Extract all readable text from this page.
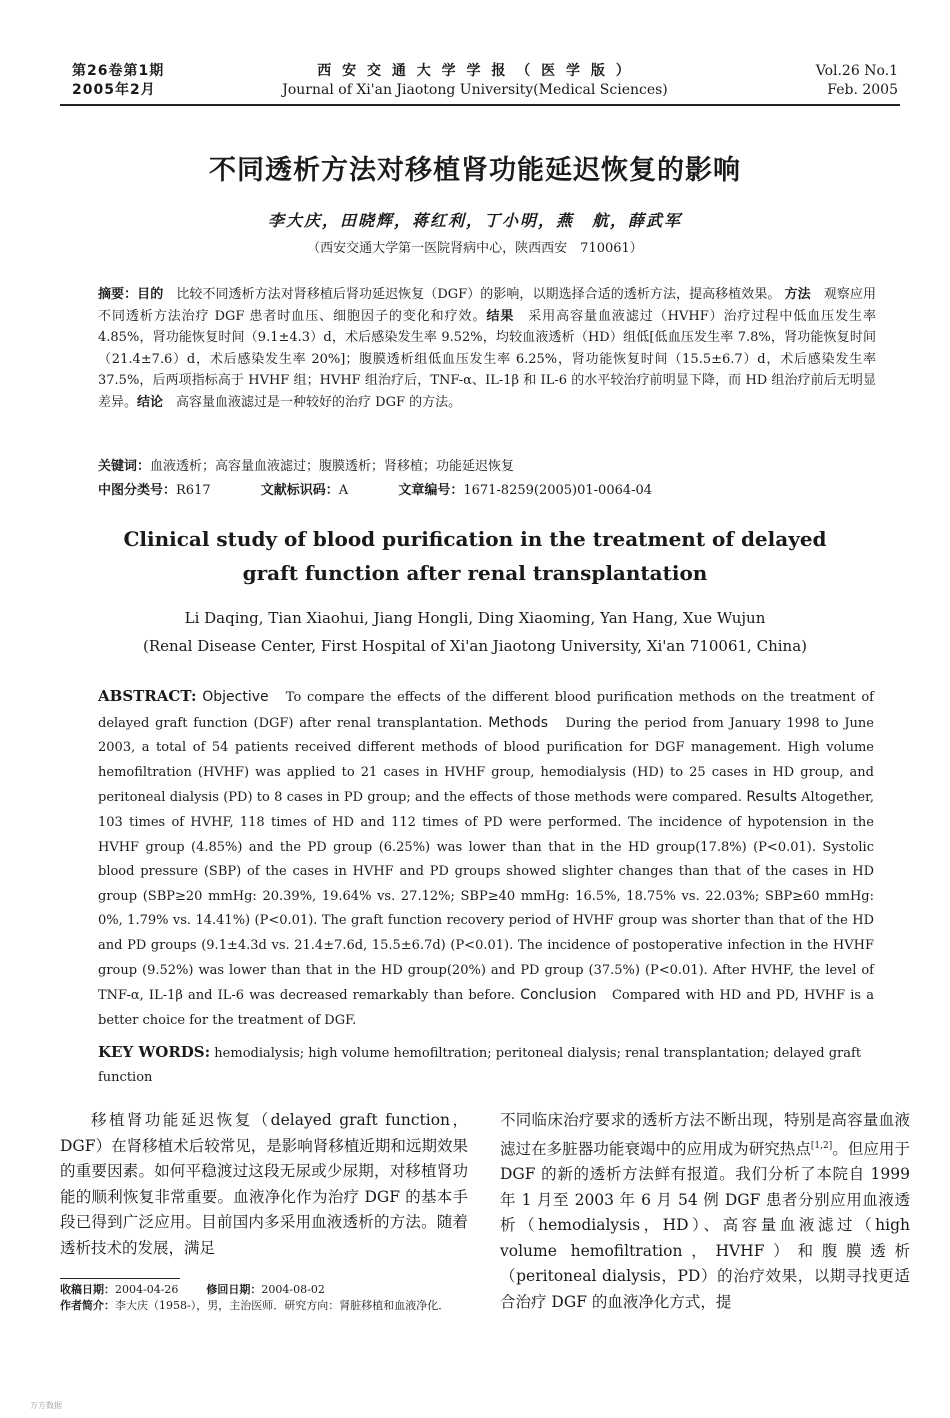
第26卷第1期
2005年2月
西 安 交 通 大 学 学 报 （ 医 学 版 ）
Journal of Xi'an Jiaotong University(Medical Sciences)
Vol.26 No.1
Feb. 2005
不同透析方法对移植肾功能延迟恢复的影响
李大庆，田晓辉，蒋红利，丁小明，燕　航，薛武军
（西安交通大学第一医院肾病中心，陕西西安　710061）
摘要：目的　比较不同透析方法对肾移植后肾功延迟恢复（DGF）的影响，以期选择合适的透析方法，提高移植效果。 方法　观察应用不同透析方法治疗 DGF 患者时血压、细胞因子的变化和疗效。结果　采用高容量血液滤过（HVHF）治疗过程中低血压发生率 4.85%，肾功能恢复时间（9.1±4.3）d，术后感染发生率 9.52%，均较血液透析（HD）组低[低血压发生率 7.8%，肾功能恢复时间（21.4±7.6）d，术后感染发生率 20%]；腹膜透析组低血压发生率 6.25%，肾功能恢复时间（15.5±6.7）d，术后感染发生率 37.5%，后两项指标高于 HVHF 组；HVHF 组治疗后，TNF-α、IL-1β 和 IL-6 的水平较治疗前明显下降，而 HD 组治疗前后无明显差异。结论　高容量血液滤过是一种较好的治疗 DGF 的方法。
关键词：血液透析；高容量血液滤过；腹膜透析；肾移植；功能延迟恢复
中图分类号：R617	文献标识码：A	文章编号：1671-8259(2005)01-0064-04
Clinical study of blood purification in the treatment of delayed
graft function after renal transplantation
Li Daqing, Tian Xiaohui, Jiang Hongli, Ding Xiaoming, Yan Hang, Xue Wujun
(Renal Disease Center, First Hospital of Xi'an Jiaotong University, Xi'an 710061, China)
ABSTRACT: Objective To compare the effects of the different blood purification methods on the treatment of delayed graft function (DGF) after renal transplantation. Methods During the period from January 1998 to June 2003, a total of 54 patients received different methods of blood purification for DGF management. High volume hemofiltration (HVHF) was applied to 21 cases in HVHF group, hemodialysis (HD) to 25 cases in HD group, and peritoneal dialysis (PD) to 8 cases in PD group; and the effects of those methods were compared. Results Altogether, 103 times of HVHF, 118 times of HD and 112 times of PD were performed. The incidence of hypotension in the HVHF group (4.85%) and the PD group (6.25%) was lower than that in the HD group(17.8%) (P<0.01). Systolic blood pressure (SBP) of the cases in HVHF and PD groups showed slighter changes than that of the cases in HD group (SBP≥20 mmHg: 20.39%, 19.64% vs. 27.12%; SBP≥40 mmHg: 16.5%, 18.75% vs. 22.03%; SBP≥60 mmHg: 0%, 1.79% vs. 14.41%) (P<0.01). The graft function recovery period of HVHF group was shorter than that of the HD and PD groups (9.1±4.3d vs. 21.4±7.6d, 15.5±6.7d) (P<0.01). The incidence of postoperative infection in the HVHF group (9.52%) was lower than that in the HD group(20%) and PD group (37.5%) (P<0.01). After HVHF, the level of TNF-α, IL-1β and IL-6 was decreased remarkably than before. Conclusion Compared with HD and PD, HVHF is a better choice for the treatment of DGF.
KEY WORDS: hemodialysis; high volume hemofiltration; peritoneal dialysis; renal transplantation; delayed graft function

移植肾功能延迟恢复（delayed graft function，DGF）在肾移植术后较常见，是影响肾移植近期和远期效果的重要因素。如何平稳渡过这段无尿或少尿期，对移植肾功能的顺利恢复非常重要。血液净化作为治疗 DGF 的基本手段已得到广泛应用。目前国内多采用血液透析的方法。随着透析技术的发展，满足

不同临床治疗要求的透析方法不断出现，特别是高容量血液滤过在多脏器功能衰竭中的应用成为研究热点[1,2]。但应用于 DGF 的新的透析方法鲜有报道。我们分析了本院自 1999 年 1 月至 2003 年 6 月 54 例 DGF 患者分别应用血液透析（hemodialysis，HD）、高容量血液滤过（high volume hemofiltration，HVHF）和腹膜透析（peritoneal dialysis，PD）的治疗效果，以期寻找更适合治疗 DGF 的血液净化方式，提

收稿日期：2004-04-26	修回日期：2004-08-02
作者简介：李大庆（1958-），男，主治医师．研究方向：肾脏移植和血液净化．
万方数据
